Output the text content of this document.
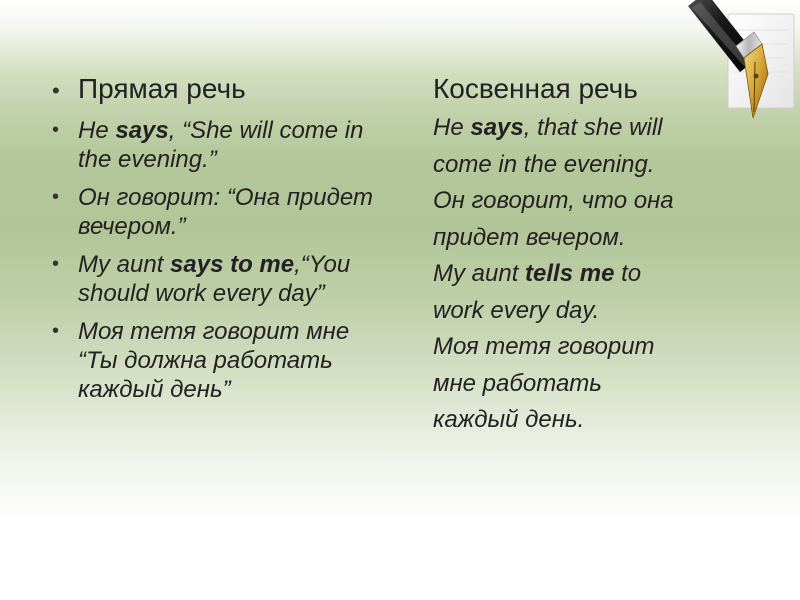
• Прямая речь
• He says, “She will come in the evening.”
• Он говорит: “Она придет вечером.”
• My aunt says to me,“You should work every day”
• Моя тетя говорит мне “Ты должна работать каждый день”
Косвенная речь
He says, that she will
come in the evening.
Он говорит, что она
придет вечером.
My aunt tells me to
work every day.
Моя тетя говорит
мне работать
каждый день.
